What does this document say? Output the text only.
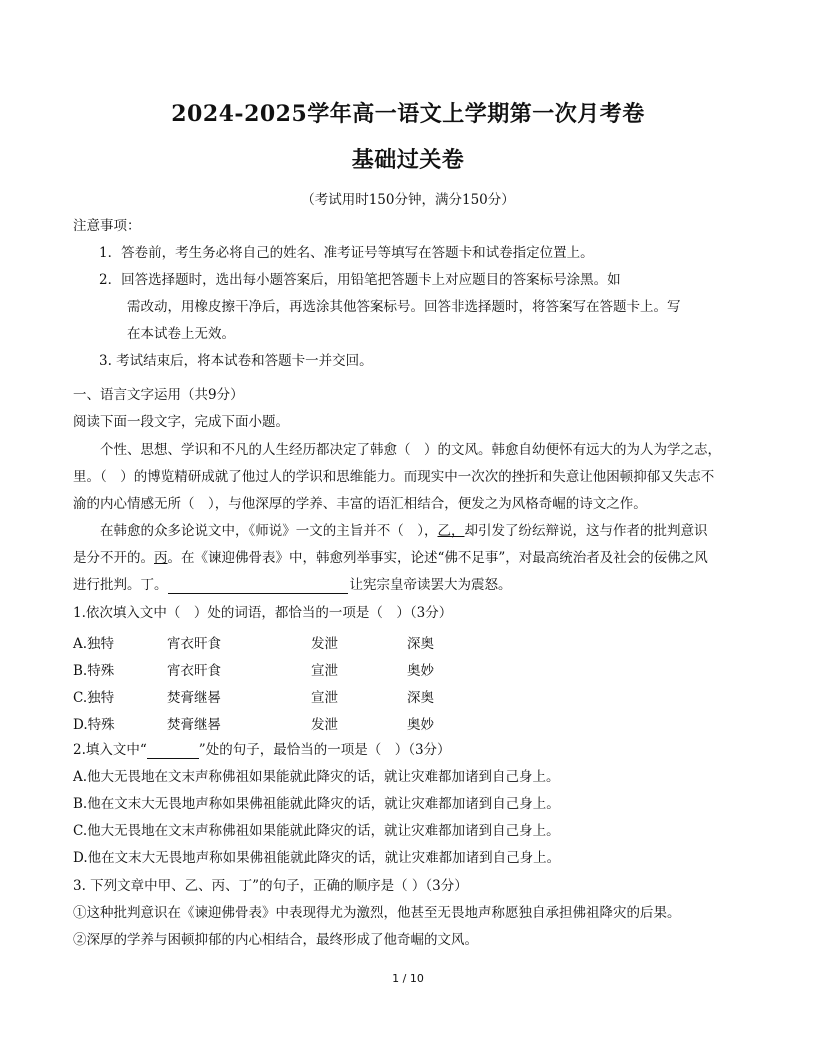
2024-2025学年高一语文上学期第一次月考卷
基础过关卷
（考试用时150分钟，满分150分）
注意事项：
1．答卷前，考生务必将自己的姓名、准考证号等填写在答题卡和试卷指定位置上。
2．回答选择题时，选出每小题答案后，用铅笔把答题卡上对应题目的答案标号涂黑。如
需改动，用橡皮擦干净后，再选涂其他答案标号。回答非选择题时，将答案写在答题卡上。写
在本试卷上无效。
3. 考试结束后，将本试卷和答题卡一并交回。
一、语言文字运用（共9分）
阅读下面一段文字，完成下面小题。
个性、思想、学识和不凡的人生经历都决定了韩愈（　）的文风。韩愈自幼便怀有远大的为人为学之志，
里。（　）的博览精研成就了他过人的学识和思维能力。而现实中一次次的挫折和失意让他困顿抑郁又失志不
渝的内心情感无所（　），与他深厚的学养、丰富的语汇相结合，便发之为风格奇崛的诗文之作。
在韩愈的众多论说文中，《师说》一文的主旨并不（　），乙，却引发了纷纭辩说，这与作者的批判意识
是分不开的。丙。在《谏迎佛骨表》中，韩愈列举事实，论述“佛不足事”，对最高统治者及社会的佞佛之风
进行批判。丁。	让宪宗皇帝读罢大为震怒。
1.依次填入文中（　）处的词语，都恰当的一项是（　）（3分）
A.独特	宵衣旰食	发泄	深奥
B.特殊	宵衣旰食	宣泄	奥妙
C.独特	焚膏继晷	宣泄	深奥
D.特殊	焚膏继晷	发泄	奥妙
2.填入文中“	”处的句子，最恰当的一项是（　）（3分）
A.他大无畏地在文末声称佛祖如果能就此降灾的话，就让灾难都加诸到自己身上。
B.他在文末大无畏地声称如果佛祖能就此降灾的话，就让灾难都加诸到自己身上。
C.他大无畏地在文末声称佛祖如果能就此降灾的话，就让灾难都加诸到自己身上。
D.他在文末大无畏地声称如果佛祖能就此降灾的话，就让灾难都加诸到自己身上。
3. 下列文章中甲、乙、丙、丁”的句子，正确的顺序是（ ）（3分）
①这种批判意识在《谏迎佛骨表》中表现得尤为激烈，他甚至无畏地声称愿独自承担佛祖降灾的后果。
②深厚的学养与困顿抑郁的内心相结合，最终形成了他奇崛的文风。
1 / 10
